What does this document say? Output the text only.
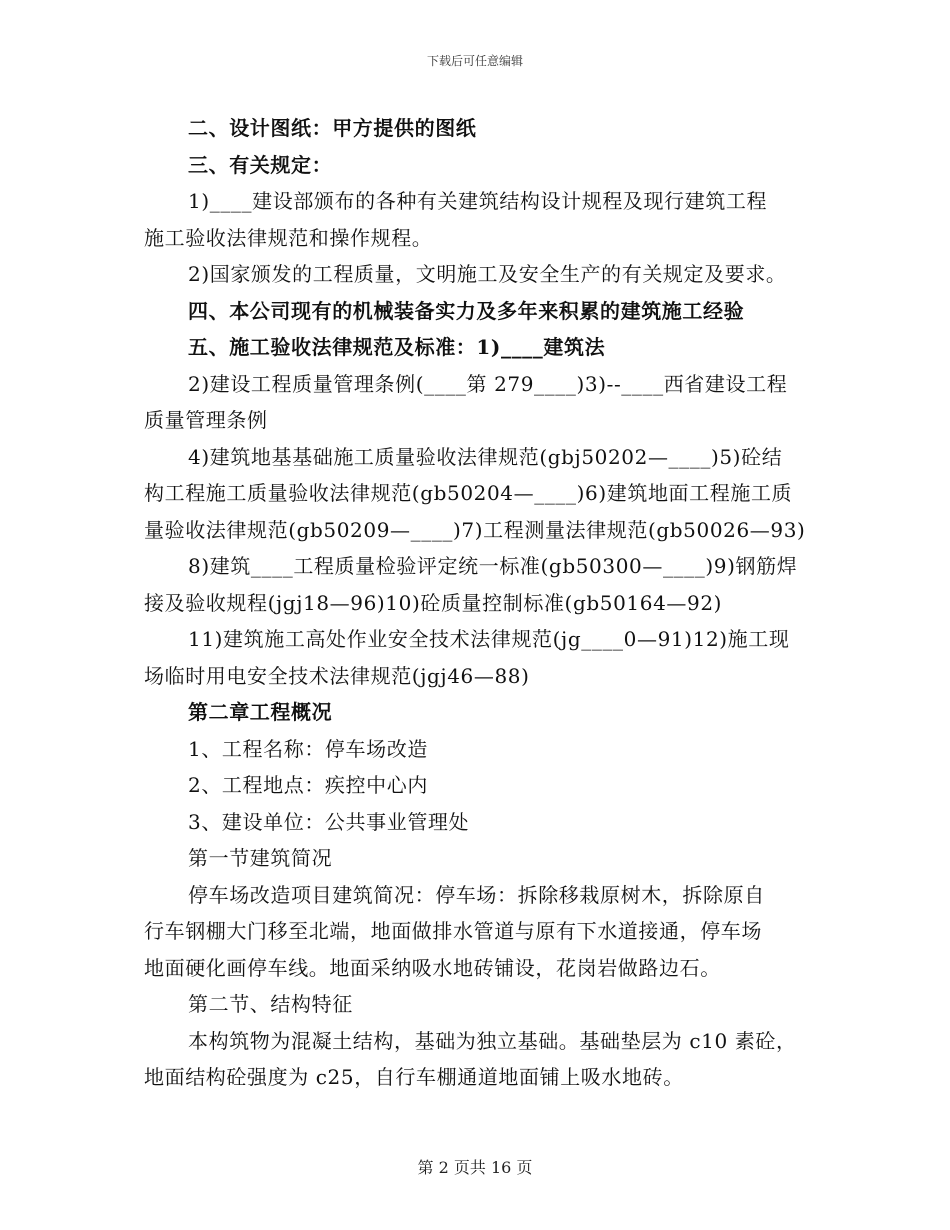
下载后可任意编辑
二、设计图纸：甲方提供的图纸
三、有关规定：
1)____建设部颁布的各种有关建筑结构设计规程及现行建筑工程
施工验收法律规范和操作规程。
2)国家颁发的工程质量，文明施工及安全生产的有关规定及要求。
四、本公司现有的机械装备实力及多年来积累的建筑施工经验
五、施工验收法律规范及标准：1)____建筑法
2)建设工程质量管理条例(____第 279____)3)--____西省建设工程
质量管理条例
4)建筑地基基础施工质量验收法律规范(gbj50202—____)5)砼结
构工程施工质量验收法律规范(gb50204—____)6)建筑地面工程施工质
量验收法律规范(gb50209—____)7)工程测量法律规范(gb50026—93)
8)建筑____工程质量检验评定统一标准(gb50300—____)9)钢筋焊
接及验收规程(jgj18—96)10)砼质量控制标准(gb50164—92)
11)建筑施工高处作业安全技术法律规范(jg____0—91)12)施工现
场临时用电安全技术法律规范(jgj46—88)
第二章工程概况
1、工程名称：停车场改造
2、工程地点：疾控中心内
3、建设单位：公共事业管理处
第一节建筑简况
停车场改造项目建筑简况：停车场：拆除移栽原树木，拆除原自
行车钢棚大门移至北端，地面做排水管道与原有下水道接通，停车场
地面硬化画停车线。地面采纳吸水地砖铺设，花岗岩做路边石。
第二节、结构特征
本构筑物为混凝土结构，基础为独立基础。基础垫层为 c10 素砼，
地面结构砼强度为 c25，自行车棚通道地面铺上吸水地砖。
第 2 页共 16 页
